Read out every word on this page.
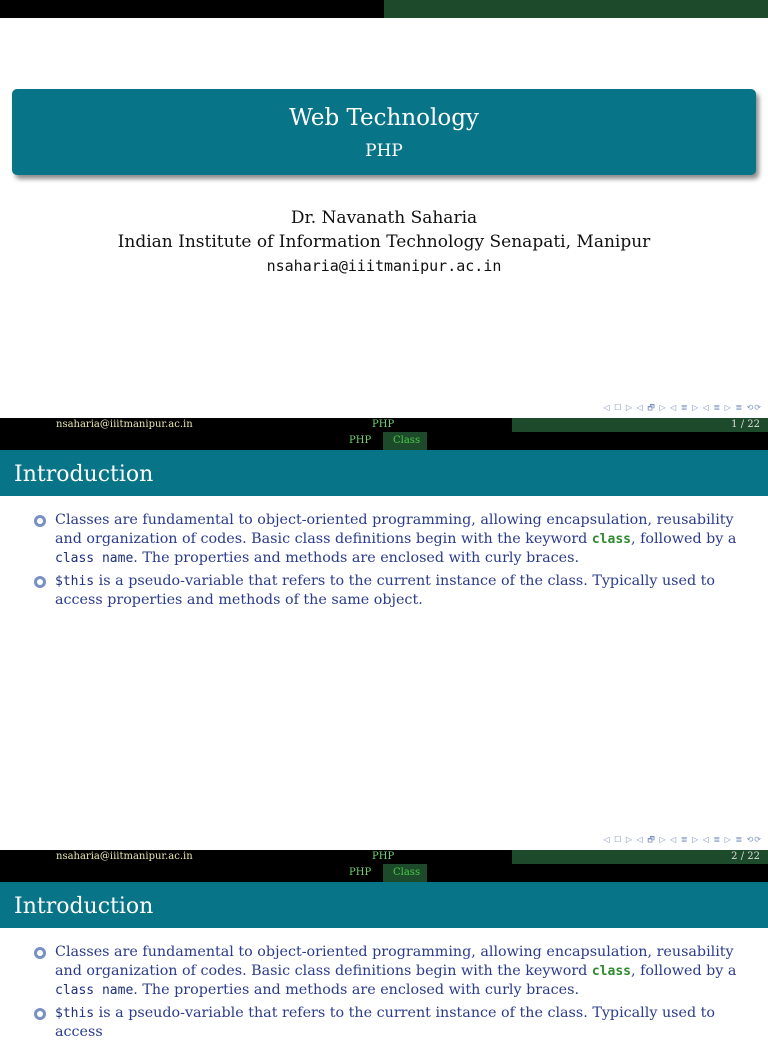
Web Technology
PHP
Dr. Navanath Saharia
Indian Institute of Information Technology Senapati, Manipur
nsaharia@iiitmanipur.ac.in
◁ ☐ ▷ ◁ 🗗 ▷ ◁ ≣ ▷ ◁ ≣ ▷ ≣ ⟲⟳
nsaharia@iiitmanipur.ac.in	PHP	1 / 22
PHP	Class
Introduction
Classes are fundamental to object-oriented programming, allowing encapsulation, reusability and organization of codes. Basic class definitions begin with the keyword class, followed by a class name. The properties and methods are enclosed with curly braces.
$this is a pseudo-variable that refers to the current instance of the class. Typically used to access properties and methods of the same object.
◁ ☐ ▷ ◁ 🗗 ▷ ◁ ≣ ▷ ◁ ≣ ▷ ≣ ⟲⟳
nsaharia@iiitmanipur.ac.in	PHP	2 / 22
PHP	Class
Introduction
Classes are fundamental to object-oriented programming, allowing encapsulation, reusability and organization of codes. Basic class definitions begin with the keyword class, followed by a class name. The properties and methods are enclosed with curly braces.
$this is a pseudo-variable that refers to the current instance of the class. Typically used to access
